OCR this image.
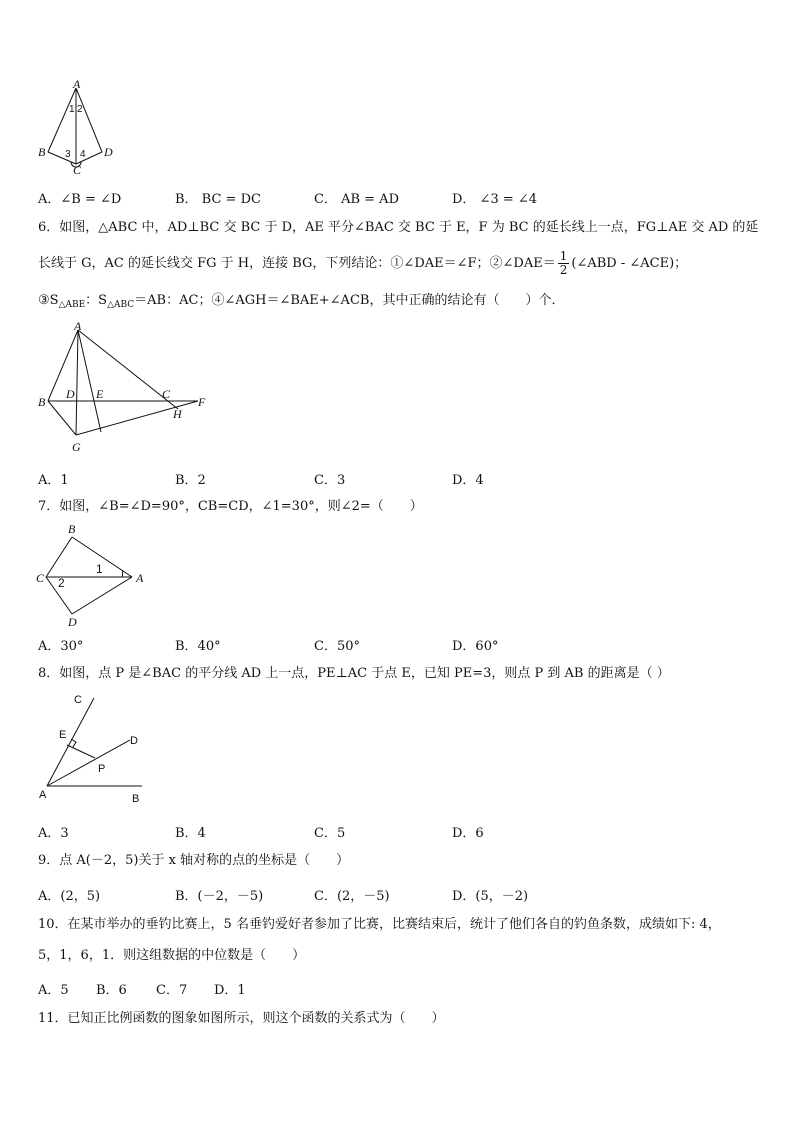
A
B
C
D
1 2
3 4
A．∠B = ∠D	B． BC = DC	C． AB = AD	D． ∠3 = ∠4
6．如图，△ABC 中，AD⊥BC 交 BC 于 D，AE 平分∠BAC 交 BC 于 E，F 为 BC 的延长线上一点，FG⊥AE 交 AD 的延
长线于 G，AC 的延长线交 FG 于 H，连接 BG，下列结论：①∠DAE＝∠F；②∠DAE＝ $\frac{1}{2}$ (∠ABD - ∠ACE)；
$③S_{\triangle ABE}$：$S_{\triangle ABC}=AB$：AC；④∠AGH＝∠BAE+∠ACB，其中正确的结论有（　　）个．
A
B
D E	C
F
H
G
A．1	B．2	C．3	D．4
7．如图，∠B=∠D=90°，CB=CD，∠1=30°，则∠2=（　　）
B
C	A
D
1
2
A．30°	B．40°	C．50°	D．60°
8．如图，点 P 是∠BAC 的平分线 AD 上一点，PE⊥AC 于点 E，已知 PE=3，则点 P 到 AB 的距离是（ ）
C
E	D
P
A	B
A．3	B．4	C．5	D．6
9．点 A(－2，5)关于 x 轴对称的点的坐标是（　　）
A．(2，5)	B．(－2，－5)	C．(2，－5)	D．(5，－2)
10．在某市举办的垂钓比赛上，5 名垂钓爱好者参加了比赛，比赛结束后，统计了他们各自的钓鱼条数，成绩如下: 4，
5，1，6，1．则这组数据的中位数是（　　）
A．5 B．6 C．7 D．1
11．已知正比例函数的图象如图所示，则这个函数的关系式为（　　）
